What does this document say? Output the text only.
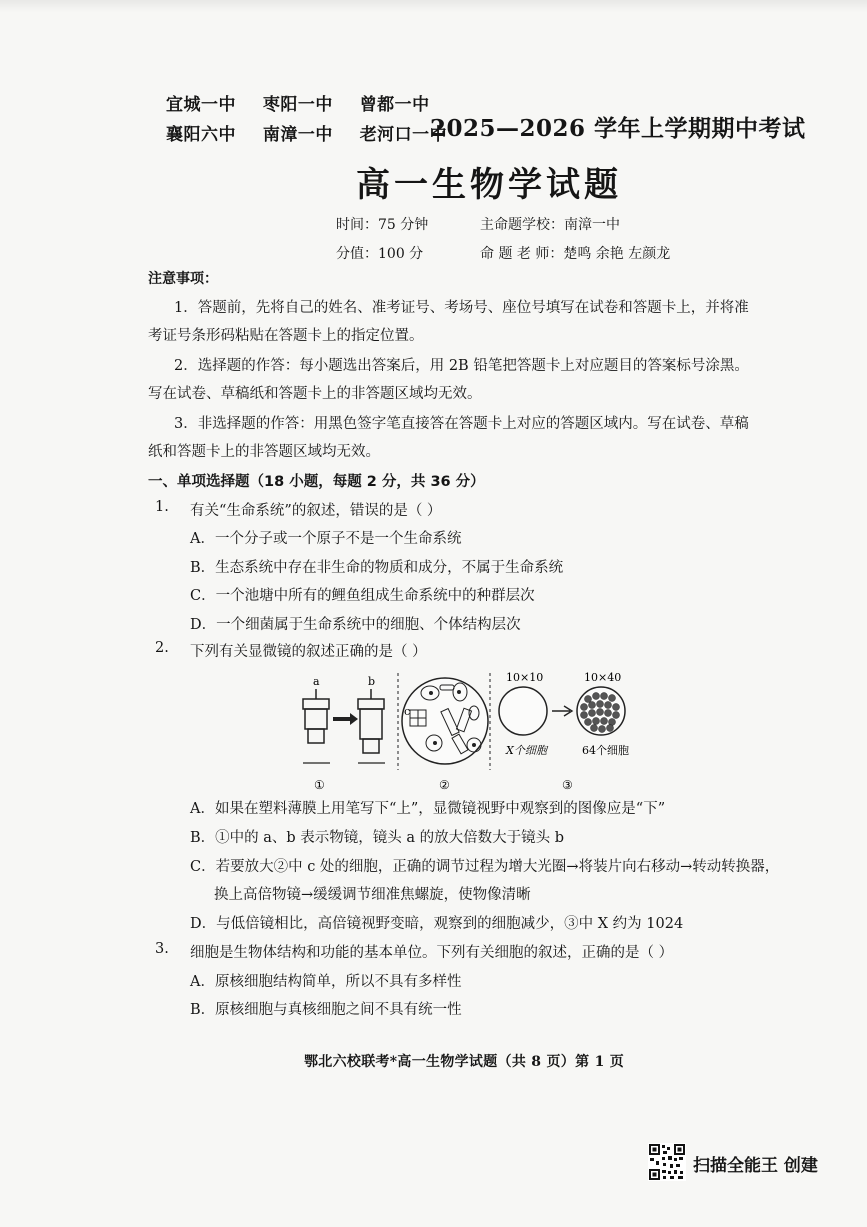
宜城一中 枣阳一中 曾都一中
襄阳六中 南漳一中 老河口一中
2025—2026 学年上学期期中考试
高一生物学试题
时间：75 分钟
分值：100 分
主命题学校：南漳一中
命 题 老 师：楚鸣 余艳 左颜龙
注意事项：
1．答题前，先将自己的姓名、准考证号、考场号、座位号填写在试卷和答题卡上，并将准
考证号条形码粘贴在答题卡上的指定位置。
2．选择题的作答：每小题选出答案后，用 2B 铅笔把答题卡上对应题目的答案标号涂黑。
写在试卷、草稿纸和答题卡上的非答题区域均无效。
3．非选择题的作答：用黑色签字笔直接答在答题卡上对应的答题区域内。写在试卷、草稿
纸和答题卡上的非答题区域均无效。
一、单项选择题（18 小题，每题 2 分，共 36 分）
1. 有关“生命系统”的叙述，错误的是（ ）
A．一个分子或一个原子不是一个生命系统
B．生态系统中存在非生命的物质和成分，不属于生命系统
C．一个池塘中所有的鲤鱼组成生命系统中的种群层次
D．一个细菌属于生命系统中的细胞、个体结构层次
2. 下列有关显微镜的叙述正确的是（ ）
a	b
c
10×10
X个细胞
10×40
64个细胞
①	②	③
A．如果在塑料薄膜上用笔写下“上”，显微镜视野中观察到的图像应是“下”
B．①中的 a、b 表示物镜，镜头 a 的放大倍数大于镜头 b
C．若要放大②中 c 处的细胞，正确的调节过程为增大光圈→将装片向右移动→转动转换器，
换上高倍物镜→缓缓调节细准焦螺旋，使物像清晰
D．与低倍镜相比，高倍镜视野变暗，观察到的细胞减少，③中 X 约为 1024
3. 细胞是生物体结构和功能的基本单位。下列有关细胞的叙述，正确的是（ ）
A．原核细胞结构简单，所以不具有多样性
B．原核细胞与真核细胞之间不具有统一性
鄂北六校联考*高一生物学试题（共 8 页）第 1 页
扫描全能王 创建
